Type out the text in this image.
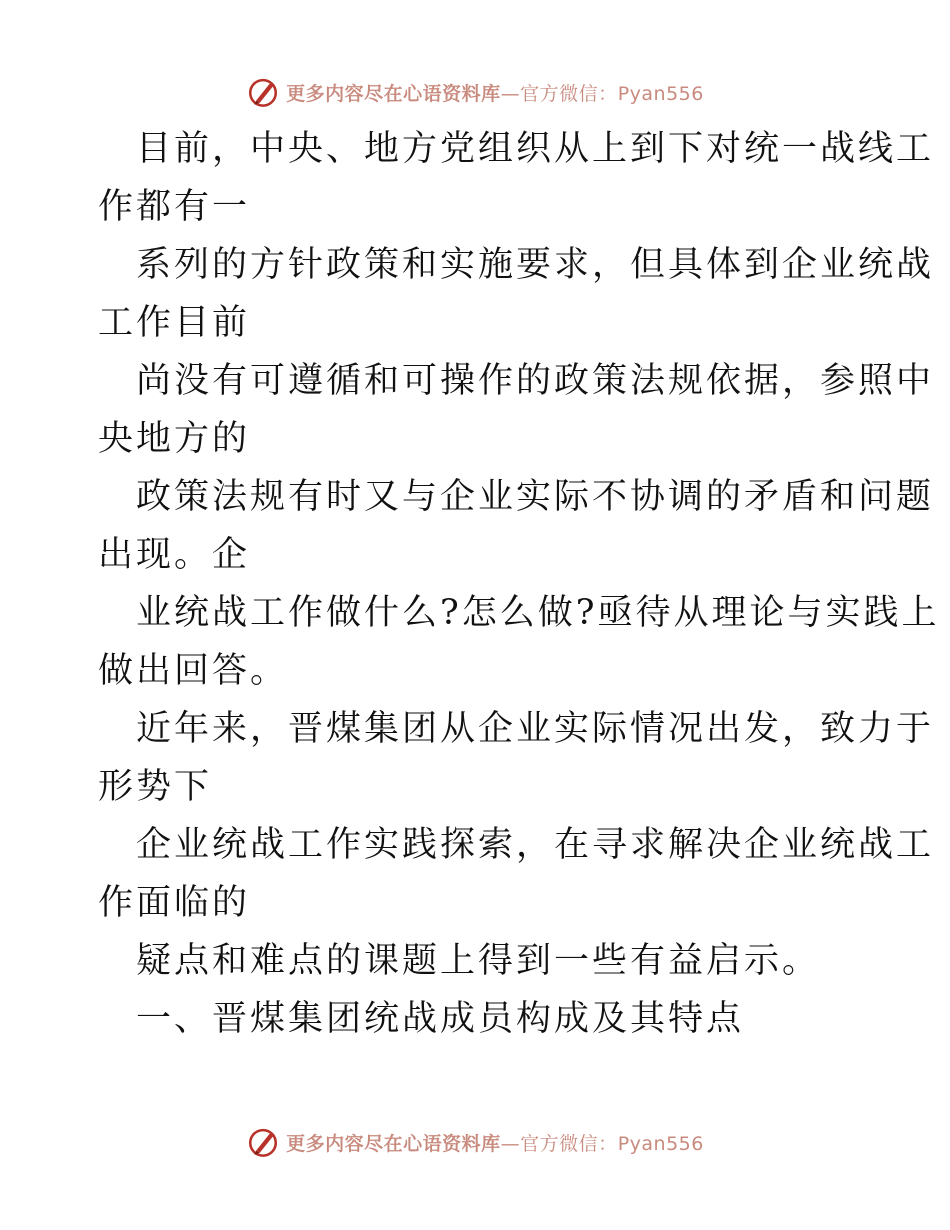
更多内容尽在心语资料库—官方微信：Pyan556
目前，中央、地方党组织从上到下对统一战线工
作都有一
系列的方针政策和实施要求，但具体到企业统战
工作目前
尚没有可遵循和可操作的政策法规依据，参照中
央地方的
政策法规有时又与企业实际不协调的矛盾和问题
出现。企
业统战工作做什么?怎么做?亟待从理论与实践上
做出回答。
近年来，晋煤集团从企业实际情况出发，致力于
形势下
企业统战工作实践探索，在寻求解决企业统战工
作面临的
疑点和难点的课题上得到一些有益启示。
一、晋煤集团统战成员构成及其特点
更多内容尽在心语资料库—官方微信：Pyan556
